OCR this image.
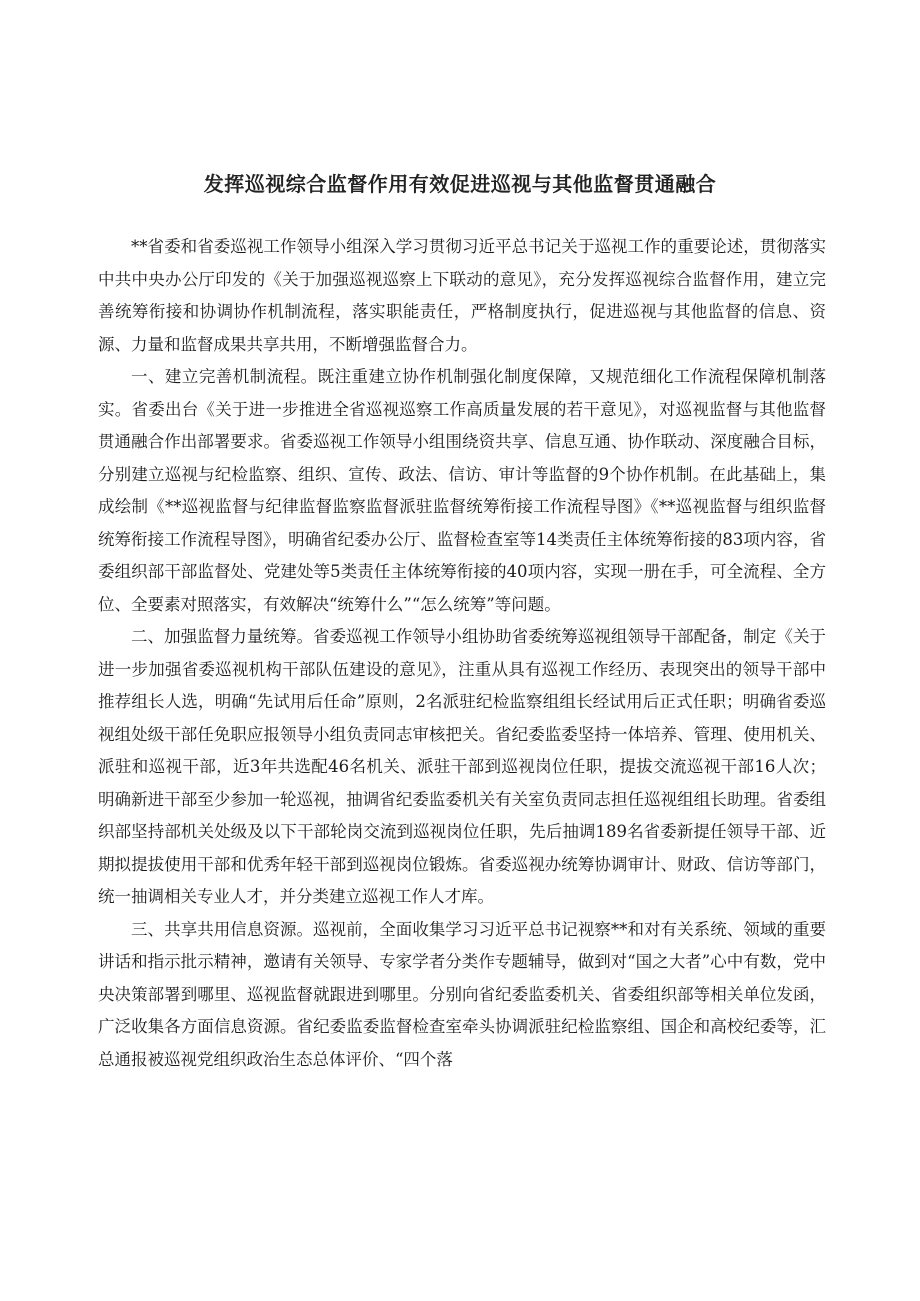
发挥巡视综合监督作用有效促进巡视与其他监督贯通融合

**省委和省委巡视工作领导小组深入学习贯彻习近平总书记关于巡视工作的重要论述，贯彻落实中共中央办公厅印发的《关于加强巡视巡察上下联动的意见》，充分发挥巡视综合监督作用，建立完善统筹衔接和协调协作机制流程，落实职能责任，严格制度执行，促进巡视与其他监督的信息、资源、力量和监督成果共享共用，不断增强监督合力。

一、建立完善机制流程。既注重建立协作机制强化制度保障，又规范细化工作流程保障机制落实。省委出台《关于进一步推进全省巡视巡察工作高质量发展的若干意见》，对巡视监督与其他监督贯通融合作出部署要求。省委巡视工作领导小组围绕资共享、信息互通、协作联动、深度融合目标，分别建立巡视与纪检监察、组织、宣传、政法、信访、审计等监督的9个协作机制。在此基础上，集成绘制《**巡视监督与纪律监督监察监督派驻监督统筹衔接工作流程导图》《**巡视监督与组织监督统筹衔接工作流程导图》，明确省纪委办公厅、监督检查室等14类责任主体统筹衔接的83项内容，省委组织部干部监督处、党建处等5类责任主体统筹衔接的40项内容，实现一册在手，可全流程、全方位、全要素对照落实，有效解决“统筹什么”“怎么统筹”等问题。

二、加强监督力量统筹。省委巡视工作领导小组协助省委统筹巡视组领导干部配备，制定《关于进一步加强省委巡视机构干部队伍建设的意见》，注重从具有巡视工作经历、表现突出的领导干部中推荐组长人选，明确“先试用后任命”原则，2名派驻纪检监察组组长经试用后正式任职；明确省委巡视组处级干部任免职应报领导小组负责同志审核把关。省纪委监委坚持一体培养、管理、使用机关、派驻和巡视干部，近3年共选配46名机关、派驻干部到巡视岗位任职，提拔交流巡视干部16人次；明确新进干部至少参加一轮巡视，抽调省纪委监委机关有关室负责同志担任巡视组组长助理。省委组织部坚持部机关处级及以下干部轮岗交流到巡视岗位任职，先后抽调189名省委新提任领导干部、近期拟提拔使用干部和优秀年轻干部到巡视岗位锻炼。省委巡视办统筹协调审计、财政、信访等部门，统一抽调相关专业人才，并分类建立巡视工作人才库。

三、共享共用信息资源。巡视前，全面收集学习习近平总书记视察**和对有关系统、领域的重要讲话和指示批示精神，邀请有关领导、专家学者分类作专题辅导，做到对“国之大者”心中有数，党中央决策部署到哪里、巡视监督就跟进到哪里。分别向省纪委监委机关、省委组织部等相关单位发函，广泛收集各方面信息资源。省纪委监委监督检查室牵头协调派驻纪检监察组、国企和高校纪委等，汇总通报被巡视党组织政治生态总体评价、“四个落
